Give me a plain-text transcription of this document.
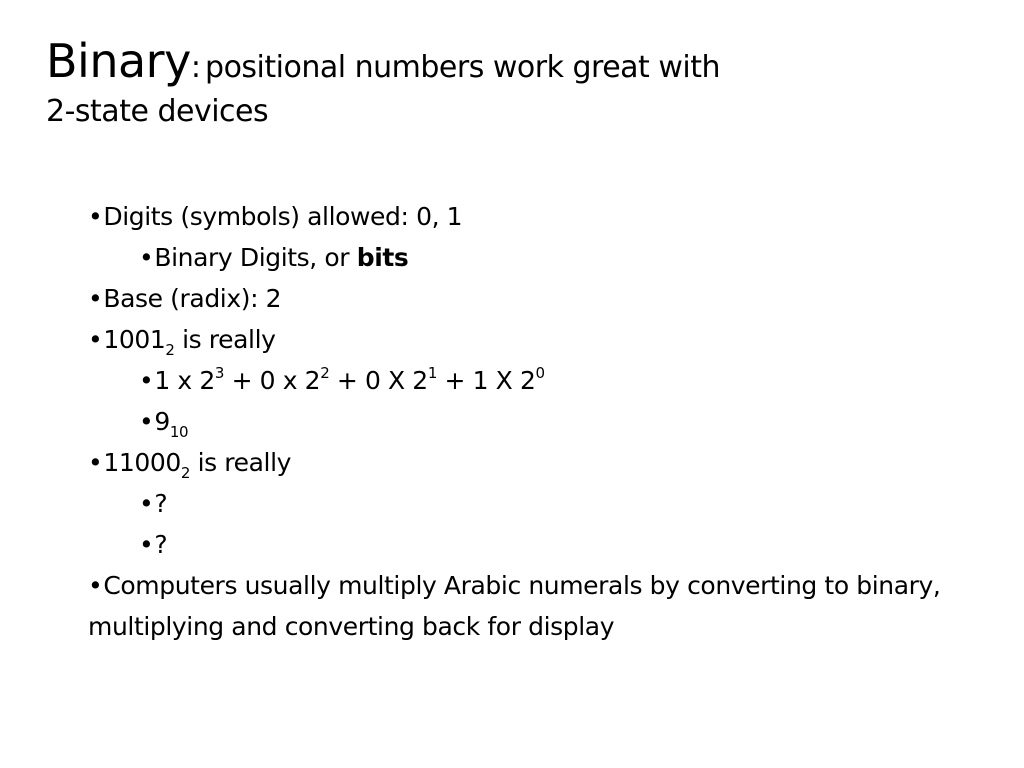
Binary: positional numbers work great with
2-state devices
•Digits (symbols) allowed: 0, 1
•Binary Digits, or bits
•Base (radix): 2
$•1001_2$ is really
•1 x $2^3 + 0$ x $2^2 + 0$ X $2^1 + 1$ X $2^0$
$•9_{10}$
$•11000_2$ is really
•?
•?
•Computers usually multiply Arabic numerals by converting to binary, multiplying and converting back for display
